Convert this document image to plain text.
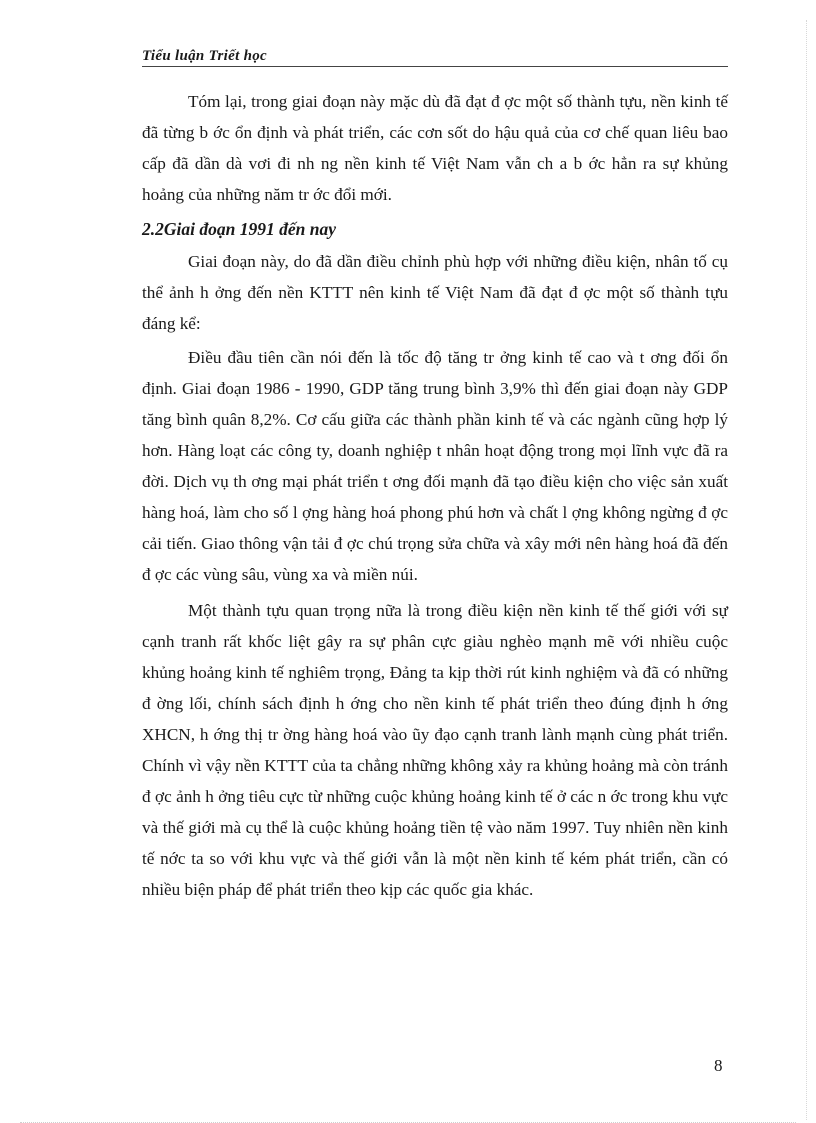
Tiểu luận Triết học

Tóm lại, trong giai đoạn này mặc dù đã đạt đ ợc một số thành tựu, nền kinh tế đã từng b ớc ổn định và phát triển, các cơn sốt do hậu quả của cơ chế quan liêu bao cấp đã dần dà vơi đi nh ng nền kinh tế Việt Nam vẫn ch a b ớc hẳn ra sự khủng hoảng của những năm tr ớc đổi mới.

2.2Giai đoạn 1991 đến nay

Giai đoạn này, do đã dần điều chỉnh phù hợp với những điều kiện, nhân tố cụ thể ảnh h ởng đến nền KTTT nên kinh tế Việt Nam đã đạt đ ợc một số thành tựu đáng kể:

Điều đầu tiên cần nói đến là tốc độ tăng tr ởng kinh tế cao và t ơng đối ổn định. Giai đoạn 1986 - 1990, GDP tăng trung bình 3,9% thì đến giai đoạn này GDP tăng bình quân 8,2%. Cơ cấu giữa các thành phần kinh tế và các ngành cũng hợp lý hơn. Hàng loạt các công ty, doanh nghiệp t nhân hoạt động trong mọi lĩnh vực đã ra đời. Dịch vụ th ơng mại phát triển t ơng đối mạnh đã tạo điều kiện cho việc sản xuất hàng hoá, làm cho số l ợng hàng hoá phong phú hơn và chất l ợng không ngừng đ ợc cải tiến. Giao thông vận tải đ ợc chú trọng sửa chữa và xây mới nên hàng hoá đã đến đ ợc các vùng sâu, vùng xa và miền núi.

Một thành tựu quan trọng nữa là trong điều kiện nền kinh tế thế giới với sự cạnh tranh rất khốc liệt gây ra sự phân cực giàu nghèo mạnh mẽ với nhiều cuộc khủng hoảng kinh tế nghiêm trọng, Đảng ta kịp thời rút kinh nghiệm và đã có những đ ờng lối, chính sách định h ớng cho nền kinh tế phát triển theo đúng định h ớng XHCN, h ớng thị tr ờng hàng hoá vào ũy đạo cạnh tranh lành mạnh cùng phát triển. Chính vì vậy nền KTTT của ta chẳng những không xảy ra khủng hoảng mà còn tránh đ ợc ảnh h ởng tiêu cực từ những cuộc khủng hoảng kinh tế ở các n ớc trong khu vực và thế giới mà cụ thể là cuộc khủng hoảng tiền tệ vào năm 1997. Tuy nhiên nền kinh tế nớc ta so với khu vực và thế giới vẫn là một nền kinh tế kém phát triển, cần có nhiều biện pháp để phát triển theo kịp các quốc gia khác.

8
